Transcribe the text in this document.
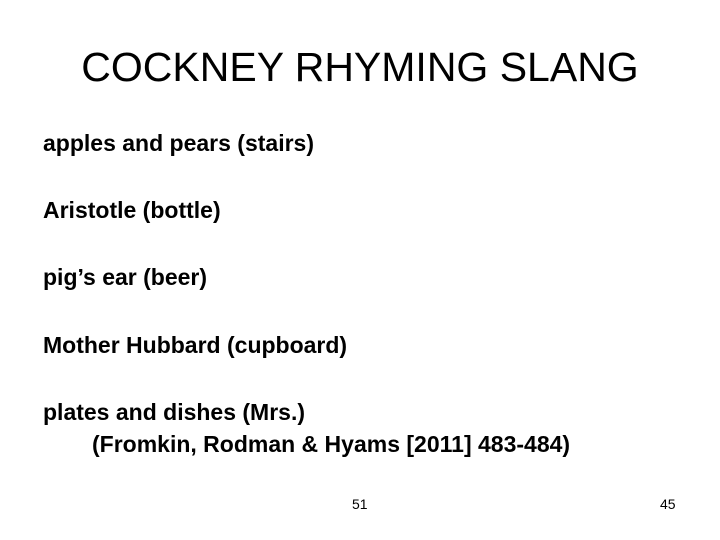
COCKNEY RHYMING SLANG
apples and pears (stairs)
Aristotle (bottle)
pig’s ear (beer)
Mother Hubbard (cupboard)
plates and dishes (Mrs.)
(Fromkin, Rodman & Hyams [2011] 483-484)
51	45
